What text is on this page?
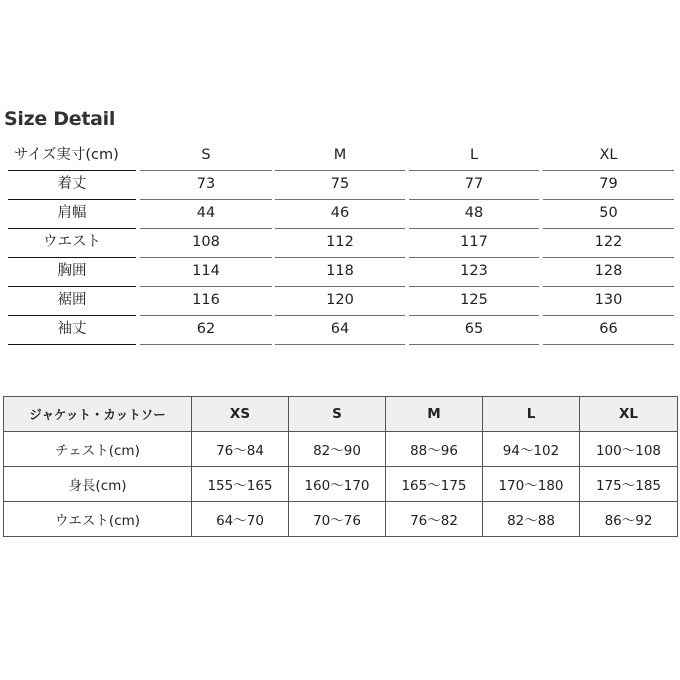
Size Detail
サイズ実寸(cm)	S	M	L	XL
着丈	73	75	77	79
肩幅	44	46	48	50
ウエスト	108	112	117	122
胸囲	114	118	123	128
裾囲	116	120	125	130
袖丈	62	64	65	66
ジャケット・カットソー	XS	S	M	L	XL
チェスト(cm)	76〜84	82〜90	88〜96	94〜102	100〜108
身長(cm)	155〜165	160〜170	165〜175	170〜180	175〜185
ウエスト(cm)	64〜70	70〜76	76〜82	82〜88	86〜92
